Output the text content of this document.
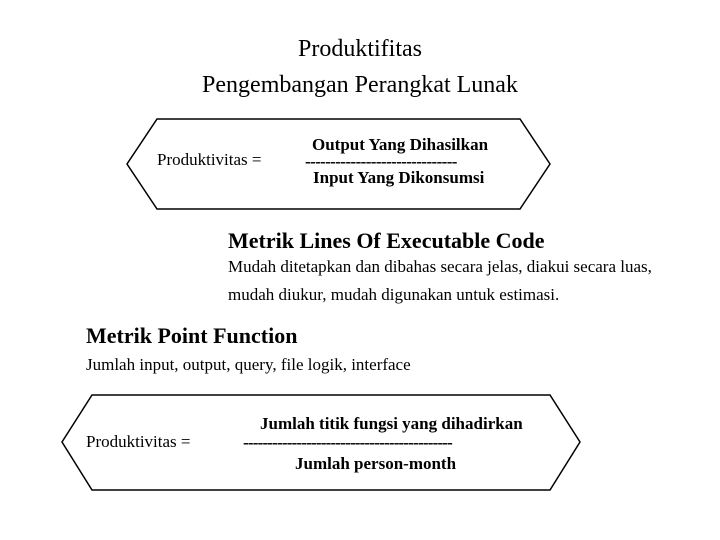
Produktifitas
Pengembangan Perangkat Lunak
Produktivitas =
Output Yang Dihasilkan
------------------------------
Input Yang Dikonsumsi
Metrik Lines Of Executable Code
Mudah ditetapkan dan dibahas secara jelas, diakui secara luas,
mudah diukur, mudah digunakan untuk estimasi.
Metrik Point Function
Jumlah input, output, query, file logik, interface
Produktivitas =
Jumlah titik fungsi yang dihadirkan
-------------------------------------------
Jumlah person-month
